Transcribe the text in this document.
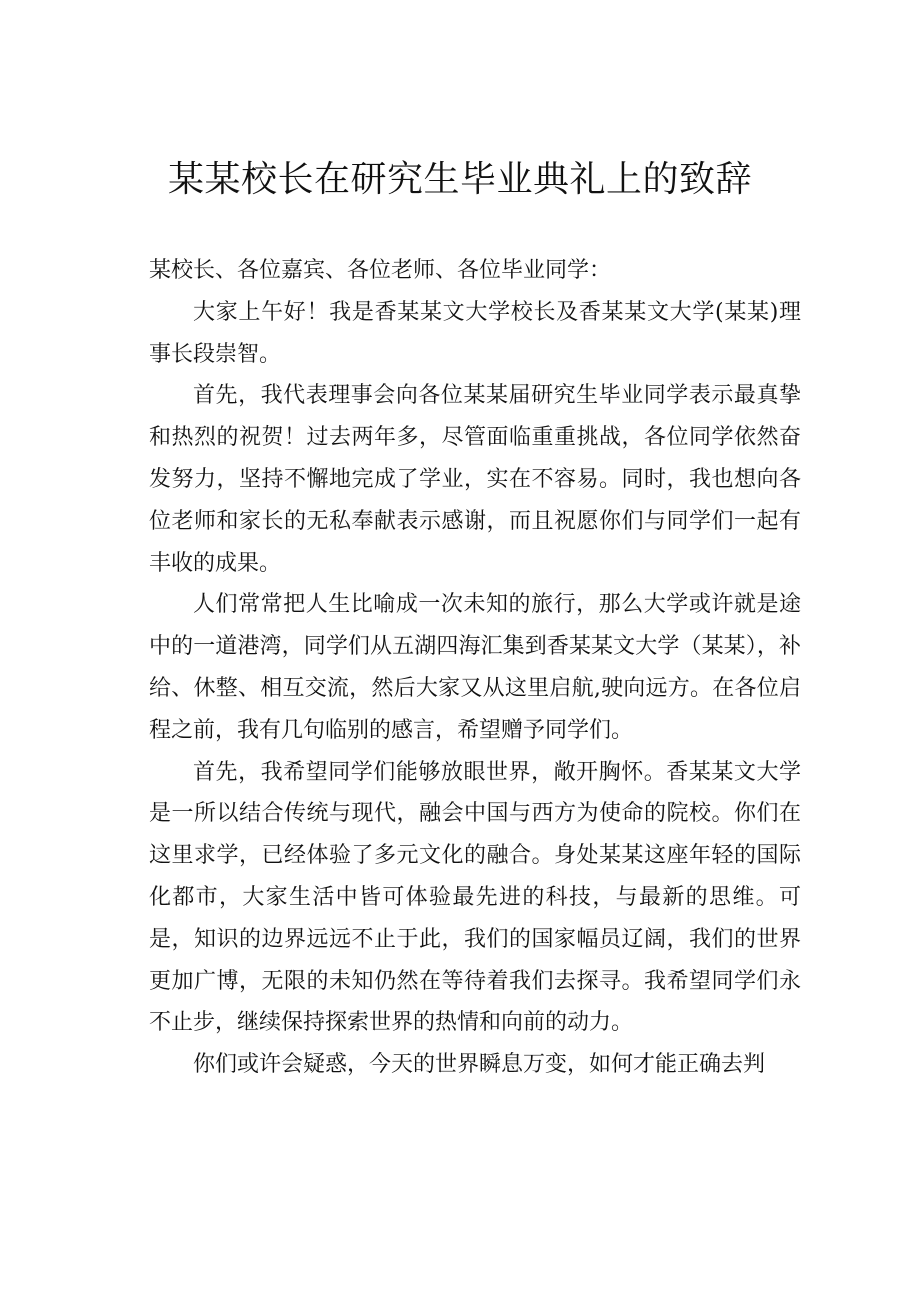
某某校长在研究生毕业典礼上的致辞

某校长、各位嘉宾、各位老师、各位毕业同学：

大家上午好！我是香某某文大学校长及香某某文大学(某某)理事长段崇智。

首先，我代表理事会向各位某某届研究生毕业同学表示最真挚和热烈的祝贺！过去两年多，尽管面临重重挑战，各位同学依然奋发努力，坚持不懈地完成了学业，实在不容易。同时，我也想向各位老师和家长的无私奉献表示感谢，而且祝愿你们与同学们一起有丰收的成果。

人们常常把人生比喻成一次未知的旅行，那么大学或许就是途中的一道港湾，同学们从五湖四海汇集到香某某文大学（某某），补给、休整、相互交流，然后大家又从这里启航,驶向远方。在各位启程之前，我有几句临别的感言，希望赠予同学们。

首先，我希望同学们能够放眼世界，敞开胸怀。香某某文大学是一所以结合传统与现代，融会中国与西方为使命的院校。你们在这里求学，已经体验了多元文化的融合。身处某某这座年轻的国际化都市，大家生活中皆可体验最先进的科技，与最新的思维。可是，知识的边界远远不止于此，我们的国家幅员辽阔，我们的世界更加广博，无限的未知仍然在等待着我们去探寻。我希望同学们永不止步，继续保持探索世界的热情和向前的动力。

你们或许会疑惑，今天的世界瞬息万变，如何才能正确去判
